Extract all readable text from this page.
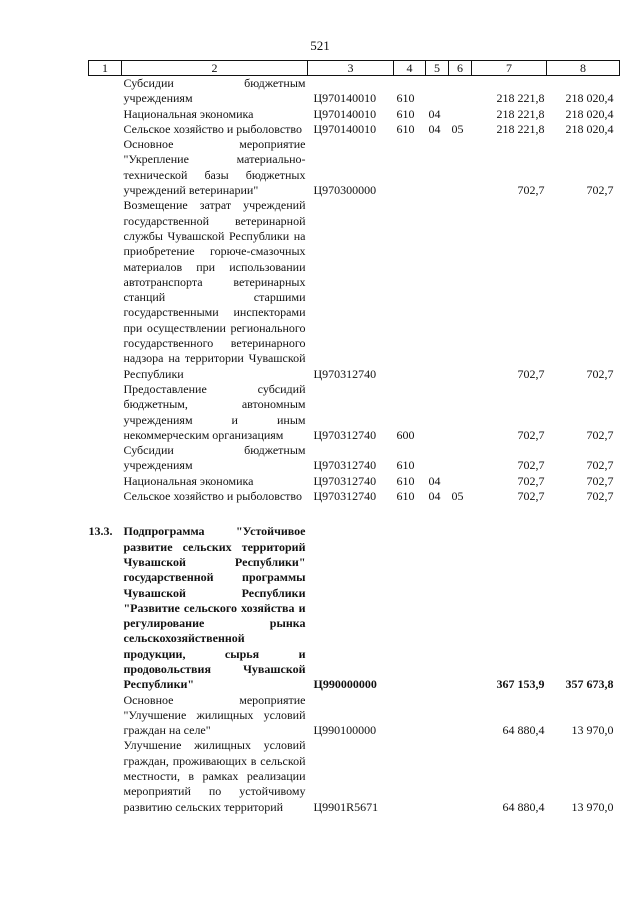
521
1	2	3	4	5	6	7	8
	Субсидии бюджетным учреждениям	Ц970140010	610			218 221,8	218 020,4
	Национальная экономика	Ц970140010	610	04		218 221,8	218 020,4
	Сельское хозяйство и рыболовство	Ц970140010	610	04	05	218 221,8	218 020,4
	Основное мероприятие "Укрепление материально-технической базы бюджетных учреждений ветеринарии"	Ц970300000				702,7	702,7
	Возмещение затрат учреждений государственной ветеринарной службы Чувашской Республики на приобретение горюче-смазочных материалов при использовании автотранспорта ветеринарных станций старшими государственными инспекторами при осуществлении регионального государственного ветеринарного надзора на территории Чувашской Республики	Ц970312740				702,7	702,7
	Предоставление субсидий бюджетным, автономным учреждениям и иным некоммерческим организациям	Ц970312740	600			702,7	702,7
	Субсидии бюджетным учреждениям	Ц970312740	610			702,7	702,7
	Национальная экономика	Ц970312740	610	04		702,7	702,7
	Сельское хозяйство и рыболовство	Ц970312740	610	04	05	702,7	702,7

13.3.	Подпрограмма "Устойчивое развитие сельских территорий Чувашской Республики" государственной программы Чувашской Республики "Развитие сельского хозяйства и регулирование рынка сельскохозяйственной продукции, сырья и продовольствия Чувашской Республики"	Ц990000000				367 153,9	357 673,8
	Основное мероприятие "Улучшение жилищных условий граждан на селе"	Ц990100000				64 880,4	13 970,0
	Улучшение жилищных условий граждан, проживающих в сельской местности, в рамках реализации мероприятий по устойчивому развитию сельских территорий	Ц9901R5671				64 880,4	13 970,0
